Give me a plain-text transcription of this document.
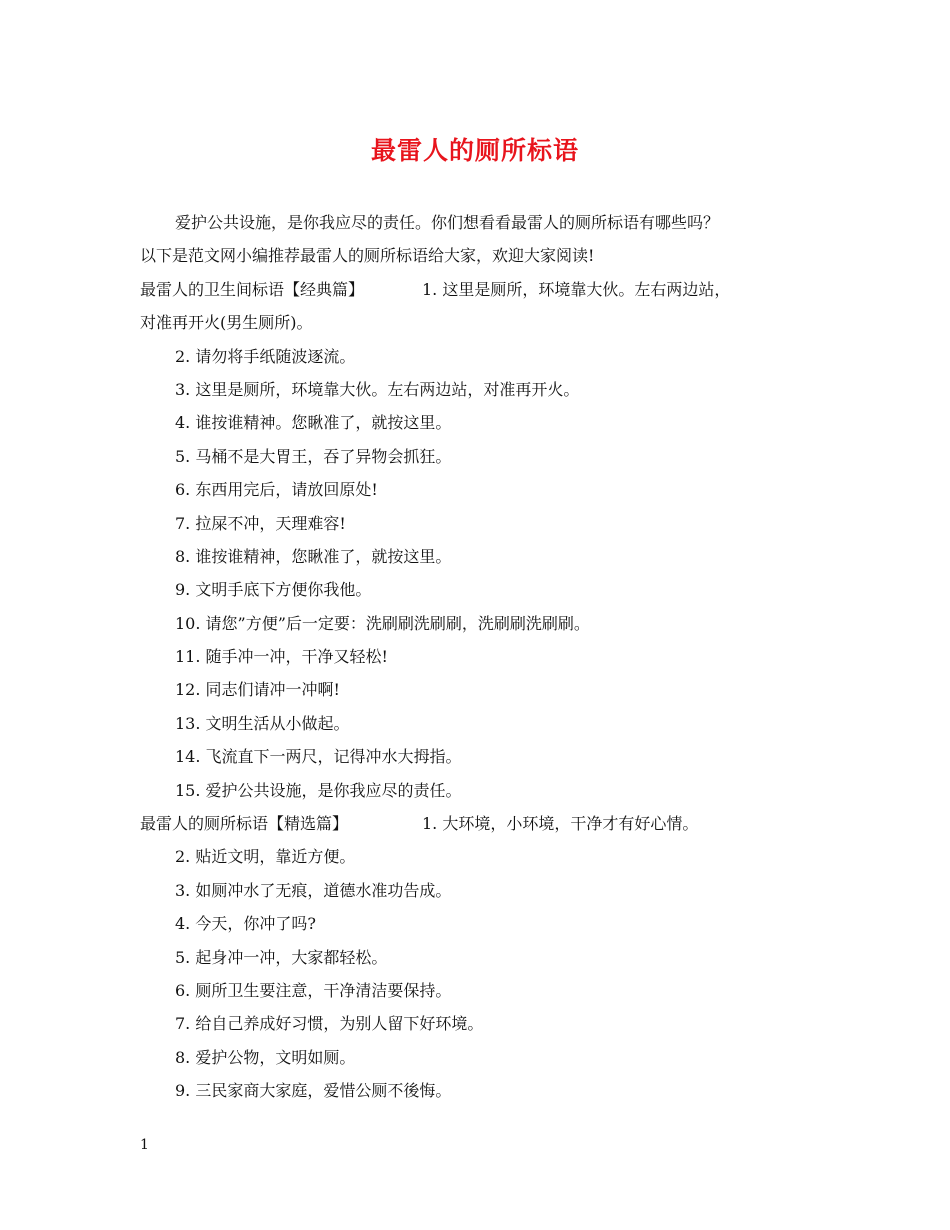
最雷人的厕所标语
爱护公共设施，是你我应尽的责任。你们想看看最雷人的厕所标语有哪些吗？
以下是范文网小编推荐最雷人的厕所标语给大家，欢迎大家阅读!
最雷人的卫生间标语【经典篇】	1. 这里是厕所，环境靠大伙。左右两边站，
对准再开火(男生厕所)。
2. 请勿将手纸随波逐流。
3. 这里是厕所，环境靠大伙。左右两边站，对准再开火。
4. 谁按谁精神。您瞅准了，就按这里。
5. 马桶不是大胃王，吞了异物会抓狂。
6. 东西用完后，请放回原处!
7. 拉屎不冲，天理难容!
8. 谁按谁精神，您瞅准了，就按这里。
9. 文明手底下方便你我他。
10. 请您”方便”后一定要：洗刷刷洗刷刷，洗刷刷洗刷刷。
11. 随手冲一冲，干净又轻松!
12. 同志们请冲一冲啊!
13. 文明生活从小做起。
14. 飞流直下一两尺，记得冲水大拇指。
15. 爱护公共设施，是你我应尽的责任。
最雷人的厕所标语【精选篇】	1. 大环境，小环境，干净才有好心情。
2. 贴近文明，靠近方便。
3. 如厕冲水了无痕，道德水准功告成。
4. 今天，你冲了吗?
5. 起身冲一冲，大家都轻松。
6. 厕所卫生要注意，干净清洁要保持。
7. 给自己养成好习惯，为别人留下好环境。
8. 爱护公物，文明如厕。
9. 三民家商大家庭，爱惜公厕不後悔。
1
